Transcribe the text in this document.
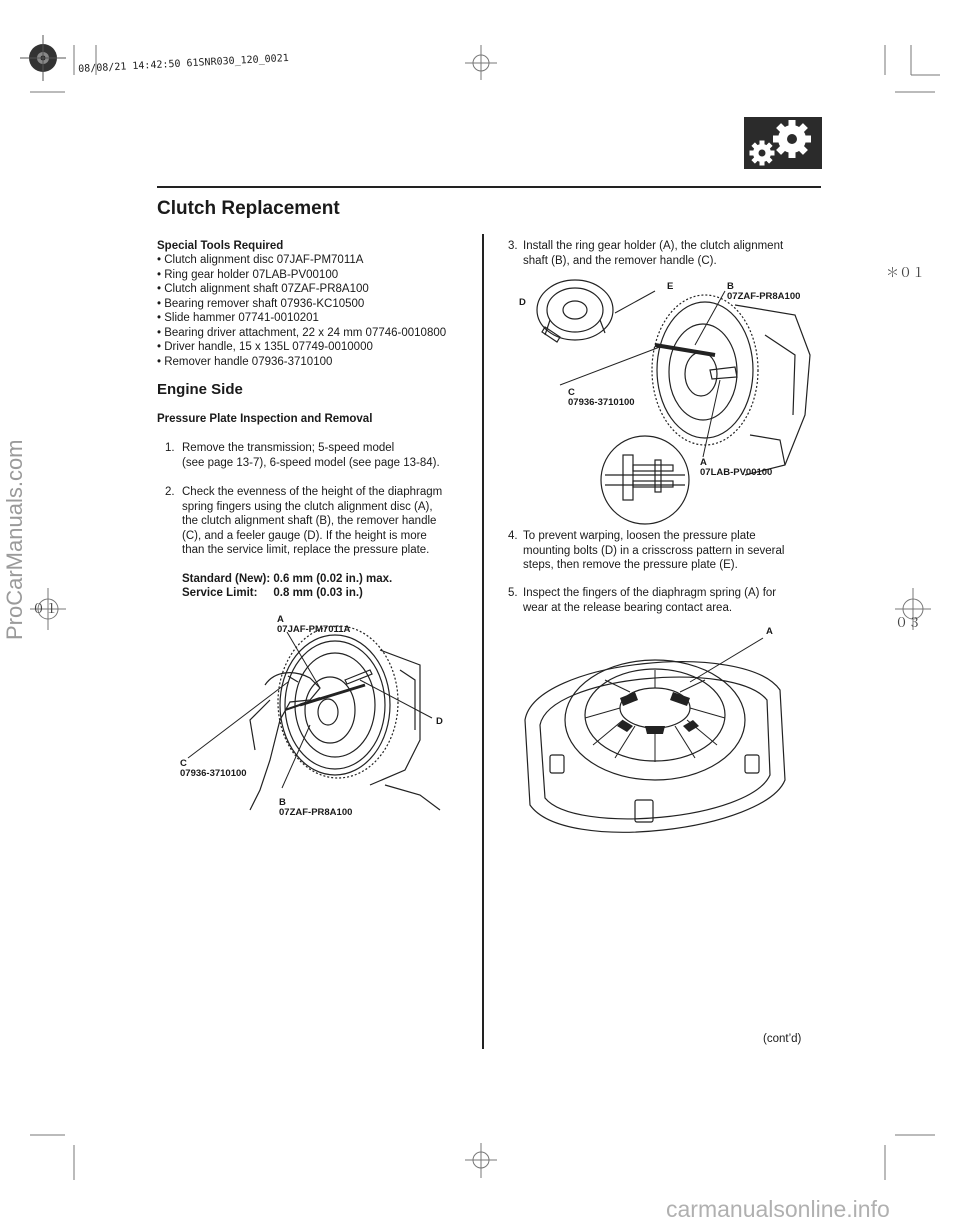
08/08/21 14:42:50 61SNR030_120_0021
Clutch Replacement
Special Tools Required
• Clutch alignment disc 07JAF-PM7011A
• Ring gear holder 07LAB-PV00100
• Clutch alignment shaft 07ZAF-PR8A100
• Bearing remover shaft 07936-KC10500
• Slide hammer 07741-0010201
• Bearing driver attachment, 22 x 24 mm 07746-0010800
• Driver handle, 15 x 135L 07749-0010000
• Remover handle 07936-3710100
Engine Side
Pressure Plate Inspection and Removal
1. Remove the transmission; 5-speed model
(see page 13-7), 6-speed model (see page 13-84).
2. Check the evenness of the height of the diaphragm
spring fingers using the clutch alignment disc (A),
the clutch alignment shaft (B), the remover handle
(C), and a feeler gauge (D). If the height is more
than the service limit, replace the pressure plate.
Standard (New): 0.6 mm (0.02 in.) max.
Service Limit:     0.8 mm (0.03 in.)
A
07JAF-PM7011A
D
C
07936-3710100
B
07ZAF-PR8A100
3. Install the ring gear holder (A), the clutch alignment
shaft (B), and the remover handle (C).
E	B
07ZAF-PR8A100
D
C
07936-3710100
A
07LAB-PV00100
4. To prevent warping, loosen the pressure plate
mounting bolts (D) in a crisscross pattern in several
steps, then remove the pressure plate (E).
5. Inspect the fingers of the diaphragm spring (A) for
wear at the release bearing contact area.
A
(cont’d)
＊０１
０３
０１
ProCarManuals.com
carmanualsonline.info
